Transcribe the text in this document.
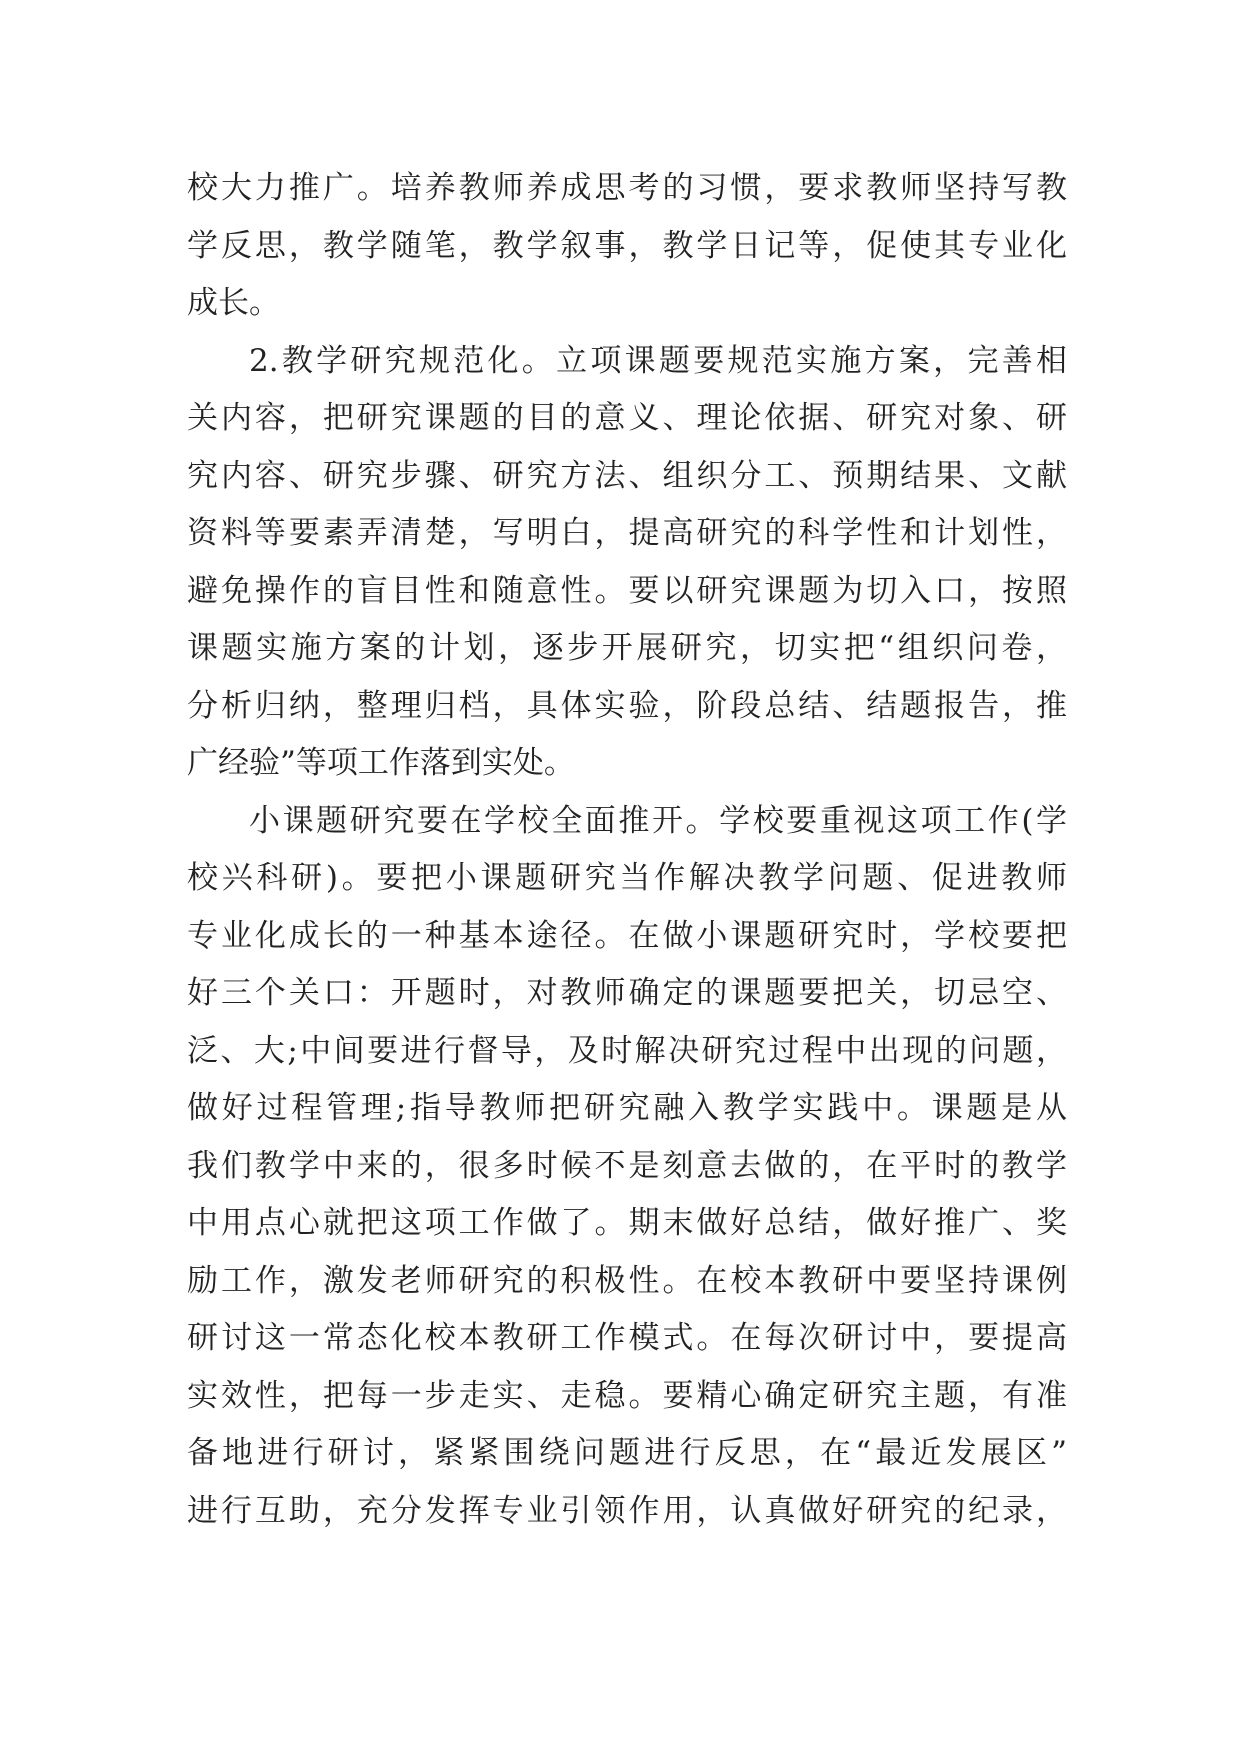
校大力推广。培养教师养成思考的习惯，要求教师坚持写教
学反思，教学随笔，教学叙事，教学日记等，促使其专业化
成长。
2.教学研究规范化。立项课题要规范实施方案，完善相
关内容，把研究课题的目的意义、理论依据、研究对象、研
究内容、研究步骤、研究方法、组织分工、预期结果、文献
资料等要素弄清楚，写明白，提高研究的科学性和计划性，
避免操作的盲目性和随意性。要以研究课题为切入口，按照
课题实施方案的计划，逐步开展研究，切实把“组织问卷，
分析归纳，整理归档，具体实验，阶段总结、结题报告，推
广经验”等项工作落到实处。
小课题研究要在学校全面推开。学校要重视这项工作(学
校兴科研)。要把小课题研究当作解决教学问题、促进教师
专业化成长的一种基本途径。在做小课题研究时，学校要把
好三个关口：开题时，对教师确定的课题要把关，切忌空、
泛、大;中间要进行督导，及时解决研究过程中出现的问题，
做好过程管理;指导教师把研究融入教学实践中。课题是从
我们教学中来的，很多时候不是刻意去做的，在平时的教学
中用点心就把这项工作做了。期末做好总结，做好推广、奖
励工作，激发老师研究的积极性。在校本教研中要坚持课例
研讨这一常态化校本教研工作模式。在每次研讨中，要提高
实效性，把每一步走实、走稳。要精心确定研究主题，有准
备地进行研讨，紧紧围绕问题进行反思，在“最近发展区”
进行互助，充分发挥专业引领作用，认真做好研究的纪录，
